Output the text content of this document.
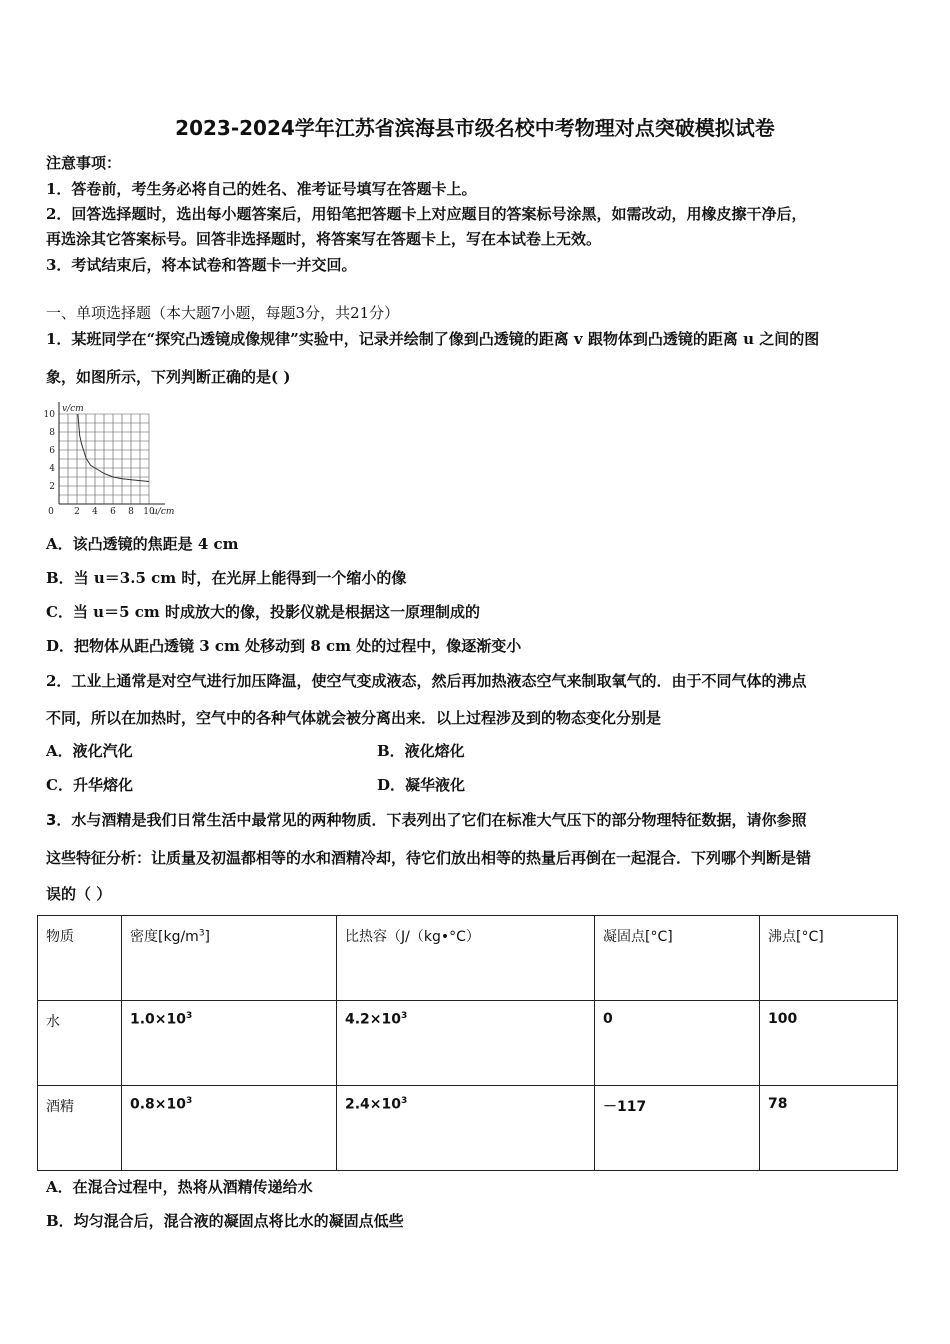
2023-2024学年江苏省滨海县市级名校中考物理对点突破模拟试卷
注意事项：
1．答卷前，考生务必将自己的姓名、准考证号填写在答题卡上。
2．回答选择题时，选出每小题答案后，用铅笔把答题卡上对应题目的答案标号涂黑，如需改动，用橡皮擦干净后，
再选涂其它答案标号。回答非选择题时，将答案写在答题卡上，写在本试卷上无效。
3．考试结束后，将本试卷和答题卡一并交回。
一、单项选择题（本大题7小题，每题3分，共21分）
1．某班同学在“探究凸透镜成像规律”实验中，记录并绘制了像到凸透镜的距离 v 跟物体到凸透镜的距离 u 之间的图
象，如图所示，下列判断正确的是( )
2 4 6 8 10
2
4
6
8
10
0	u/cm
v/cm
A．该凸透镜的焦距是 4 cm
B．当 u＝3.5 cm 时，在光屏上能得到一个缩小的像
C．当 u＝5 cm 时成放大的像，投影仪就是根据这一原理制成的
D．把物体从距凸透镜 3 cm 处移动到 8 cm 处的过程中，像逐渐变小
2．工业上通常是对空气进行加压降温，使空气变成液态，然后再加热液态空气来制取氧气的．由于不同气体的沸点
不同，所以在加热时，空气中的各种气体就会被分离出来．以上过程涉及到的物态变化分别是
A．液化汽化	B．液化熔化
C．升华熔化	D．凝华液化
3．水与酒精是我们日常生活中最常见的两种物质．下表列出了它们在标准大气压下的部分物理特征数据，请你参照
这些特征分析：让质量及初温都相等的水和酒精冷却，待它们放出相等的热量后再倒在一起混合．下列哪个判断是错
误的（ ）
物质	密度$[kg/m^3]$	比热容（J/（kg•°C）	凝固点[°C]	沸点[°C]
水	$1.0\times 10^3$	$4.2\times 10^3$	0	100
酒精	$0.8\times 10^3$	$2.4\times 10^3$	－117	78
A．在混合过程中，热将从酒精传递给水
B．均匀混合后，混合液的凝固点将比水的凝固点低些
